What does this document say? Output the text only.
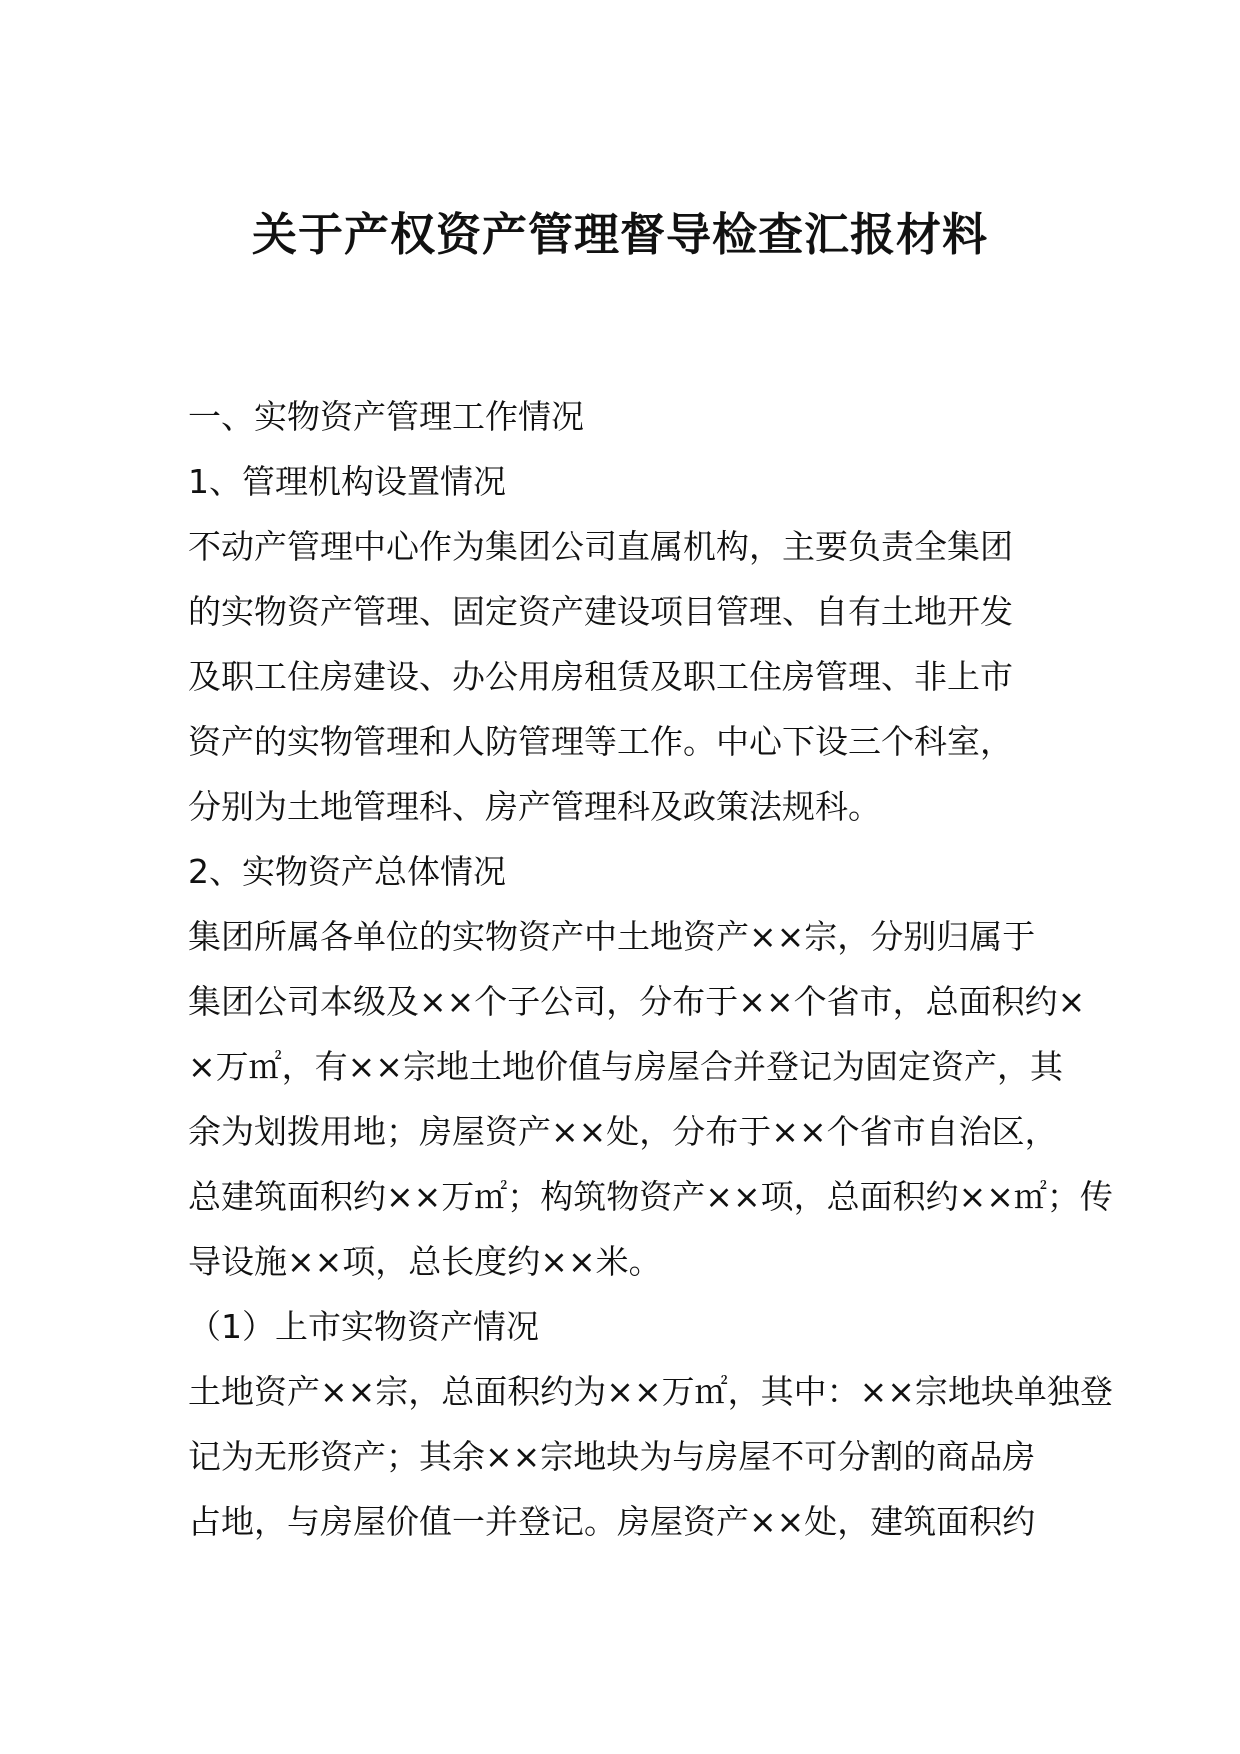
关于产权资产管理督导检查汇报材料

一、实物资产管理工作情况

1、管理机构设置情况

不动产管理中心作为集团公司直属机构，主要负责全集团

的实物资产管理、固定资产建设项目管理、自有土地开发

及职工住房建设、办公用房租赁及职工住房管理、非上市

资产的实物管理和人防管理等工作。中心下设三个科室，

分别为土地管理科、房产管理科及政策法规科。

2、实物资产总体情况

集团所属各单位的实物资产中土地资产××宗，分别归属于

集团公司本级及××个子公司，分布于××个省市，总面积约×

×万㎡，有××宗地土地价值与房屋合并登记为固定资产，其

余为划拨用地；房屋资产××处，分布于××个省市自治区，

总建筑面积约××万㎡；构筑物资产××项，总面积约××㎡；传

导设施××项，总长度约××米。

（1）上市实物资产情况

土地资产××宗，总面积约为××万㎡，其中：××宗地块单独登

记为无形资产；其余××宗地块为与房屋不可分割的商品房

占地，与房屋价值一并登记。房屋资产××处，建筑面积约
